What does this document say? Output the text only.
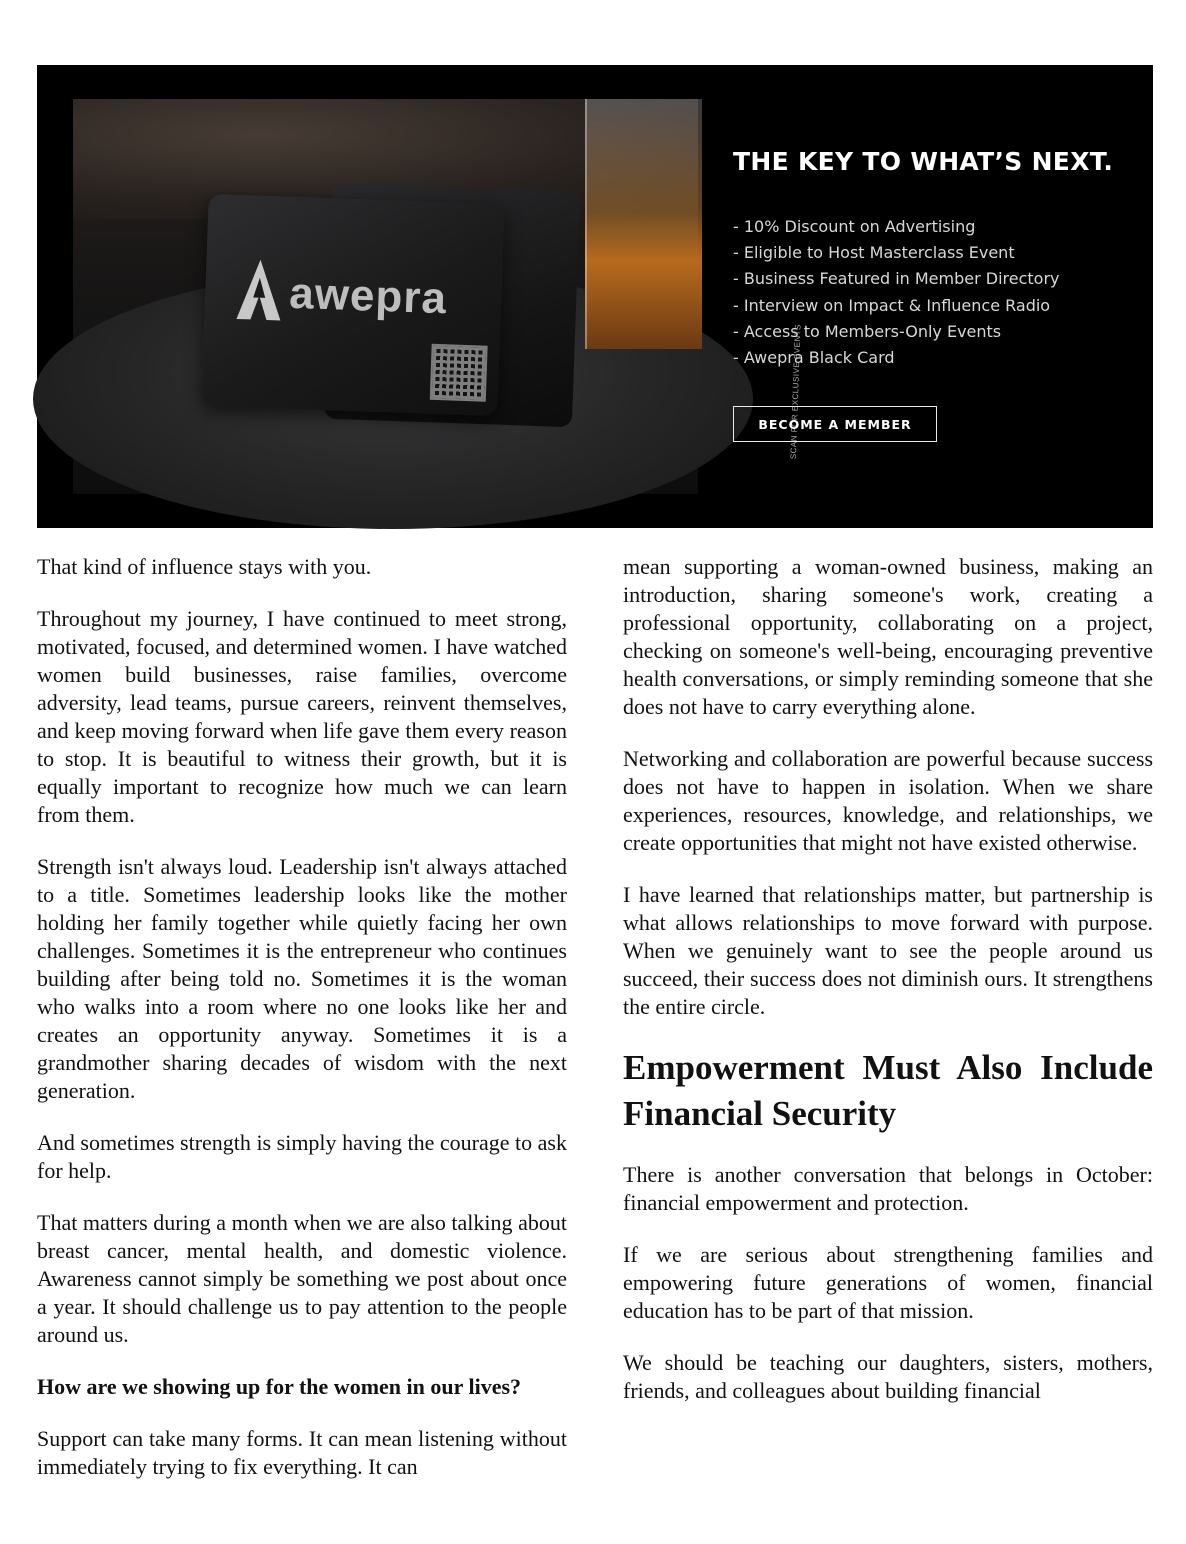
SCAN FOR EXCLUSIVE EVENTS
awepra
THE KEY TO WHAT’S NEXT.
- 10% Discount on Advertising
- Eligible to Host Masterclass Event
- Business Featured in Member Directory
- Interview on Impact & Influence Radio
- Access to Members-Only Events
- Awepra Black Card
BECOME A MEMBER

That kind of influence stays with you.

Throughout my journey, I have continued to meet strong, motivated, focused, and determined women. I have watched women build businesses, raise families, overcome adversity, lead teams, pursue careers, reinvent themselves, and keep moving forward when life gave them every reason to stop. It is beautiful to witness their growth, but it is equally important to recognize how much we can learn from them.

Strength isn't always loud. Leadership isn't always attached to a title. Sometimes leadership looks like the mother holding her family together while quietly facing her own challenges. Sometimes it is the entrepreneur who continues building after being told no. Sometimes it is the woman who walks into a room where no one looks like her and creates an opportunity anyway. Sometimes it is a grandmother sharing decades of wisdom with the next generation.

And sometimes strength is simply having the courage to ask for help.

That matters during a month when we are also talking about breast cancer, mental health, and domestic violence. Awareness cannot simply be something we post about once a year. It should challenge us to pay attention to the people around us.

How are we showing up for the women in our lives?

Support can take many forms. It can mean listening without immediately trying to fix everything. It can

mean supporting a woman-owned business, making an introduction, sharing someone's work, creating a professional opportunity, collaborating on a project, checking on someone's well-being, encouraging preventive health conversations, or simply reminding someone that she does not have to carry everything alone.

Networking and collaboration are powerful because success does not have to happen in isolation. When we share experiences, resources, knowledge, and relationships, we create opportunities that might not have existed otherwise.

I have learned that relationships matter, but partnership is what allows relationships to move forward with purpose. When we genuinely want to see the people around us succeed, their success does not diminish ours. It strengthens the entire circle.

Empowerment Must Also Include Financial Security

There is another conversation that belongs in October: financial empowerment and protection.

If we are serious about strengthening families and empowering future generations of women, financial education has to be part of that mission.

We should be teaching our daughters, sisters, mothers, friends, and colleagues about building financial
